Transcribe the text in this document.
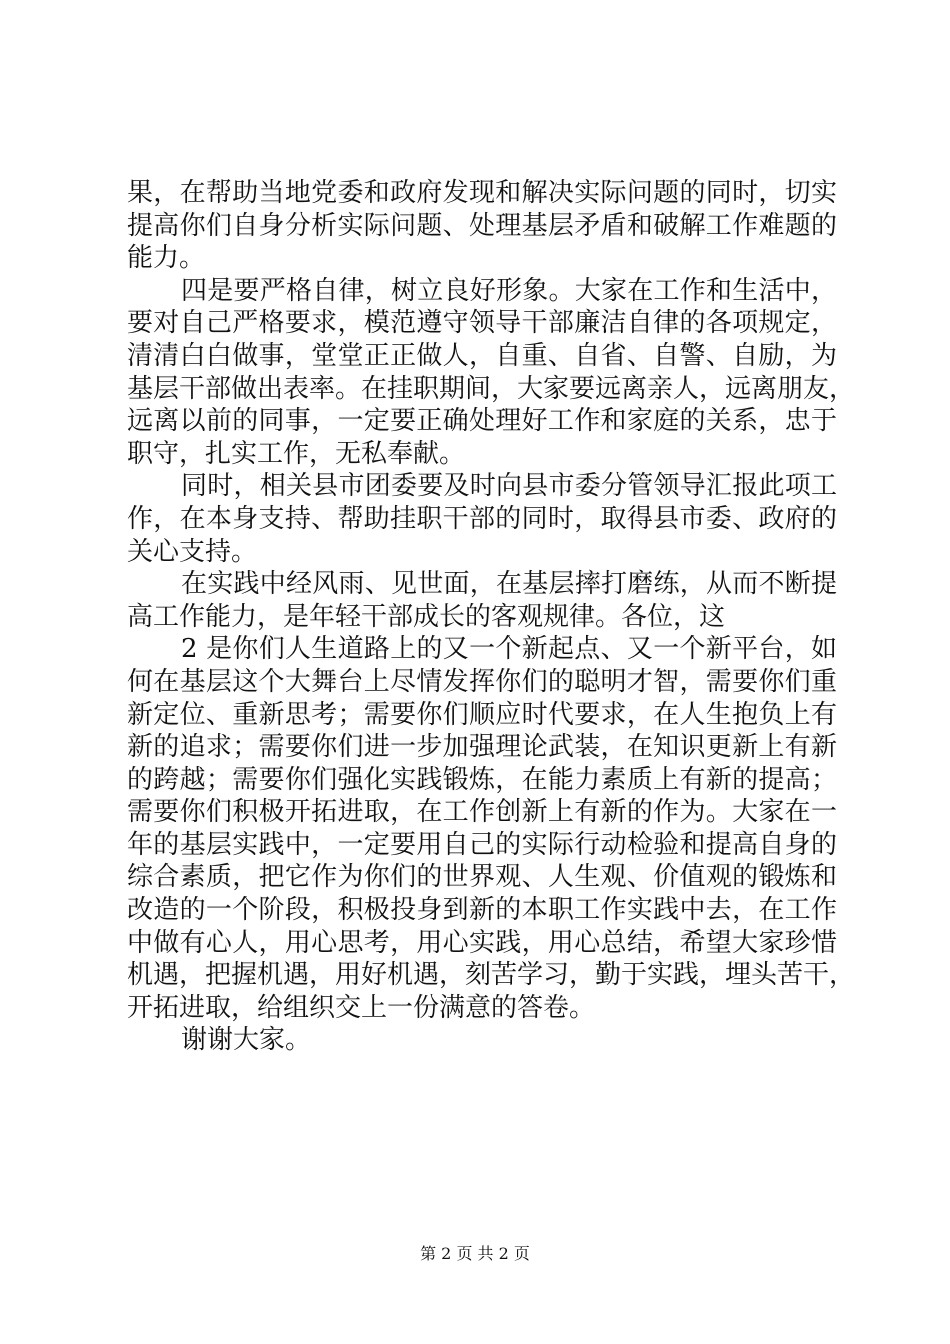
果，在帮助当地党委和政府发现和解决实际问题的同时，切实
提高你们自身分析实际问题、处理基层矛盾和破解工作难题的
能力。
四是要严格自律，树立良好形象。大家在工作和生活中，
要对自己严格要求，模范遵守领导干部廉洁自律的各项规定，
清清白白做事，堂堂正正做人，自重、自省、自警、自励，为
基层干部做出表率。在挂职期间，大家要远离亲人，远离朋友，
远离以前的同事，一定要正确处理好工作和家庭的关系，忠于
职守，扎实工作，无私奉献。
同时，相关县市团委要及时向县市委分管领导汇报此项工
作，在本身支持、帮助挂职干部的同时，取得县市委、政府的
关心支持。
在实践中经风雨、见世面，在基层摔打磨练，从而不断提
高工作能力，是年轻干部成长的客观规律。各位，这
2 是你们人生道路上的又一个新起点、又一个新平台，如
何在基层这个大舞台上尽情发挥你们的聪明才智，需要你们重
新定位、重新思考；需要你们顺应时代要求，在人生抱负上有
新的追求；需要你们进一步加强理论武装，在知识更新上有新
的跨越；需要你们强化实践锻炼，在能力素质上有新的提高；
需要你们积极开拓进取，在工作创新上有新的作为。大家在一
年的基层实践中，一定要用自己的实际行动检验和提高自身的
综合素质，把它作为你们的世界观、人生观、价值观的锻炼和
改造的一个阶段，积极投身到新的本职工作实践中去，在工作
中做有心人，用心思考，用心实践，用心总结，希望大家珍惜
机遇，把握机遇，用好机遇，刻苦学习，勤于实践，埋头苦干，
开拓进取，给组织交上一份满意的答卷。
谢谢大家。
第 2 页 共 2 页
